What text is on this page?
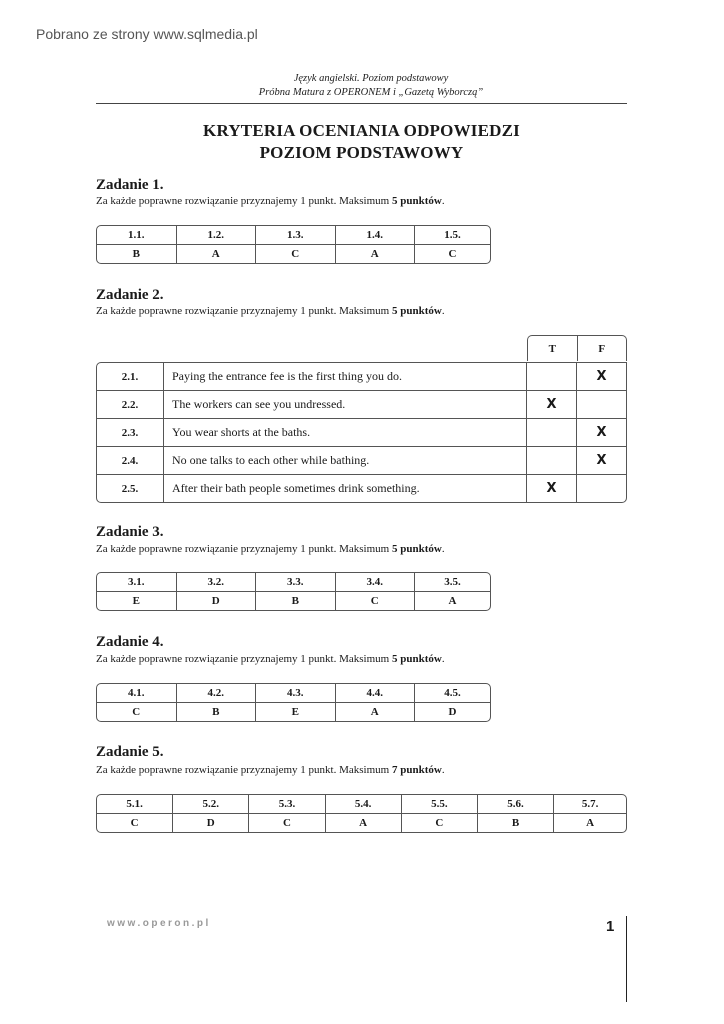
Pobrano ze strony www.sqlmedia.pl
Język angielski. Poziom podstawowy
Próbna Matura z OPERONEM i „Gazetą Wyborczą”
KRYTERIA OCENIANIA ODPOWIEDZI
POZIOM PODSTAWOWY
Zadanie 1.
Za każde poprawne rozwiązanie przyznajemy 1 punkt. Maksimum 5 punktów.
1.1.	1.2.	1.3.	1.4.	1.5.
B	A	C	A	C
Zadanie 2.
Za każde poprawne rozwiązanie przyznajemy 1 punkt. Maksimum 5 punktów.
T	F
2.1.	Paying the entrance fee is the first thing you do.		X
2.2.	The workers can see you undressed.	X	
2.3.	You wear shorts at the baths.		X
2.4.	No one talks to each other while bathing.		X
2.5.	After their bath people sometimes drink something.	X	
Zadanie 3.
Za każde poprawne rozwiązanie przyznajemy 1 punkt. Maksimum 5 punktów.
3.1.	3.2.	3.3.	3.4.	3.5.
E	D	B	C	A
Zadanie 4.
Za każde poprawne rozwiązanie przyznajemy 1 punkt. Maksimum 5 punktów.
4.1.	4.2.	4.3.	4.4.	4.5.
C	B	E	A	D
Zadanie 5.
Za każde poprawne rozwiązanie przyznajemy 1 punkt. Maksimum 7 punktów.
5.1.	5.2.	5.3.	5.4.	5.5.	5.6.	5.7.
C	D	C	A	C	B	A
www.operon.pl	1
